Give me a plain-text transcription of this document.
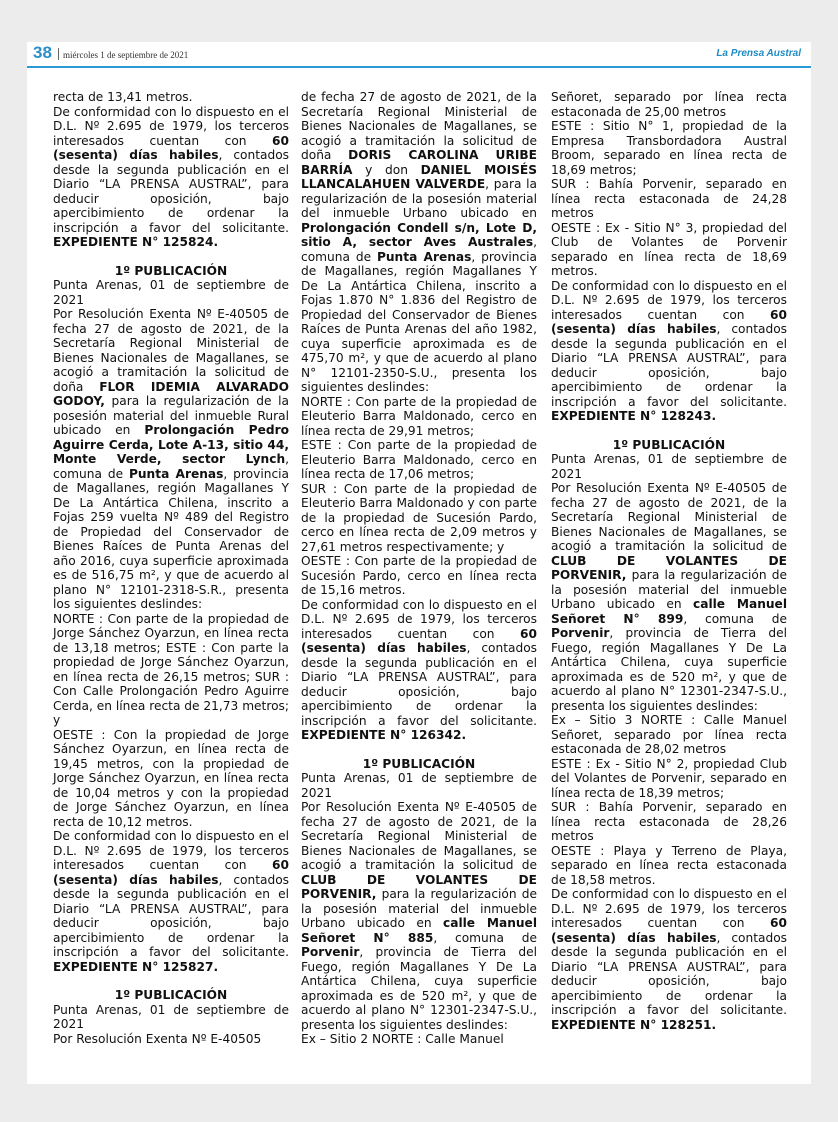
38 miércoles 1 de septiembre de 2021	La Prensa Austral

recta de 13,41 metros.

De conformidad con lo dispuesto en el D.L. Nº 2.695 de 1979, los terceros interesados cuentan con 60 (sesenta) días habiles, contados desde la segunda publicación en el Diario “LA PRENSA AUSTRAL”, para deducir oposición, bajo apercibimiento de ordenar la inscripción a favor del solicitante. EXPEDIENTE N° 125824.

1º PUBLICACIÓN

Punta Arenas, 01 de septiembre de 2021

Por Resolución Exenta Nº E-40505 de fecha 27 de agosto de 2021, de la Secretaría Regional Ministerial de Bienes Nacionales de Magallanes, se acogió a tramitación la solicitud de doña FLOR IDEMIA ALVARADO GODOY, para la regularización de la posesión material del inmueble Rural ubicado en Prolongación Pedro Aguirre Cerda, Lote A-13, sitio 44, Monte Verde, sector Lynch, comuna de Punta Arenas, provincia de Magallanes, región Magallanes Y De La Antártica Chilena, inscrito a Fojas 259 vuelta Nº 489 del Registro de Propiedad del Conservador de Bienes Raíces de Punta Arenas del año 2016, cuya superficie aproximada es de 516,75 m², y que de acuerdo al plano N° 12101-2318-S.R., presenta los siguientes deslindes:

NORTE : Con parte de la propiedad de Jorge Sánchez Oyarzun, en línea recta de 13,18 metros; ESTE : Con parte la propiedad de Jorge Sánchez Oyarzun, en línea recta de 26,15 metros; SUR : Con Calle Prolongación Pedro Aguirre Cerda, en línea recta de 21,73 metros; y

OESTE : Con la propiedad de Jorge Sánchez Oyarzun, en línea recta de 19,45 metros, con la propiedad de Jorge Sánchez Oyarzun, en línea recta de 10,04 metros y con la propiedad de Jorge Sánchez Oyarzun, en línea recta de 10,12 metros.

De conformidad con lo dispuesto en el D.L. Nº 2.695 de 1979, los terceros interesados cuentan con 60 (sesenta) días habiles, contados desde la segunda publicación en el Diario “LA PRENSA AUSTRAL”, para deducir oposición, bajo apercibimiento de ordenar la inscripción a favor del solicitante. EXPEDIENTE N° 125827.

1º PUBLICACIÓN

Punta Arenas, 01 de septiembre de 2021

Por Resolución Exenta Nº E-40505

de fecha 27 de agosto de 2021, de la Secretaría Regional Ministerial de Bienes Nacionales de Magallanes, se acogió a tramitación la solicitud de doña DORIS CAROLINA URIBE BARRÍA y don DANIEL MOISÉS LLANCALAHUEN VALVERDE, para la regularización de la posesión material del inmueble Urbano ubicado en Prolongación Condell s/n, Lote D, sitio A, sector Aves Australes, comuna de Punta Arenas, provincia de Magallanes, región Magallanes Y De La Antártica Chilena, inscrito a Fojas 1.870 N° 1.836 del Registro de Propiedad del Conservador de Bienes Raíces de Punta Arenas del año 1982, cuya superficie aproximada es de 475,70 m², y que de acuerdo al plano N° 12101-2350-S.U., presenta los siguientes deslindes:

NORTE : Con parte de la propiedad de Eleuterio Barra Maldonado, cerco en línea recta de 29,91 metros;

ESTE : Con parte de la propiedad de Eleuterio Barra Maldonado, cerco en línea recta de 17,06 metros;

SUR : Con parte de la propiedad de Eleuterio Barra Maldonado y con parte de la propiedad de Sucesión Pardo, cerco en línea recta de 2,09 metros y 27,61 metros respectivamente; y

OESTE : Con parte de la propiedad de Sucesión Pardo, cerco en línea recta de 15,16 metros.

De conformidad con lo dispuesto en el D.L. Nº 2.695 de 1979, los terceros interesados cuentan con 60 (sesenta) días habiles, contados desde la segunda publicación en el Diario “LA PRENSA AUSTRAL”, para deducir oposición, bajo apercibimiento de ordenar la inscripción a favor del solicitante. EXPEDIENTE N° 126342.

1º PUBLICACIÓN

Punta Arenas, 01 de septiembre de 2021

Por Resolución Exenta Nº E-40505 de fecha 27 de agosto de 2021, de la Secretaría Regional Ministerial de Bienes Nacionales de Magallanes, se acogió a tramitación la solicitud de CLUB DE VOLANTES DE PORVENIR, para la regularización de la posesión material del inmueble Urbano ubicado en calle Manuel Señoret N° 885, comuna de Porvenir, provincia de Tierra del Fuego, región Magallanes Y De La Antártica Chilena, cuya superficie aproximada es de 520 m², y que de acuerdo al plano N° 12301-2347-S.U., presenta los siguientes deslindes:

Ex – Sitio 2 NORTE : Calle Manuel

Señoret, separado por línea recta estaconada de 25,00 metros

ESTE : Sitio N° 1, propiedad de la Empresa Transbordadora Austral Broom, separado en línea recta de 18,69 metros;

SUR : Bahía Porvenir, separado en línea recta estaconada de 24,28 metros

OESTE : Ex - Sitio N° 3, propiedad del Club de Volantes de Porvenir separado en línea recta de 18,69 metros.

De conformidad con lo dispuesto en el D.L. Nº 2.695 de 1979, los terceros interesados cuentan con 60 (sesenta) días habiles, contados desde la segunda publicación en el Diario “LA PRENSA AUSTRAL”, para deducir oposición, bajo apercibimiento de ordenar la inscripción a favor del solicitante. EXPEDIENTE N° 128243.

1º PUBLICACIÓN

Punta Arenas, 01 de septiembre de 2021

Por Resolución Exenta Nº E-40505 de fecha 27 de agosto de 2021, de la Secretaría Regional Ministerial de Bienes Nacionales de Magallanes, se acogió a tramitación la solicitud de CLUB DE VOLANTES DE PORVENIR, para la regularización de la posesión material del inmueble Urbano ubicado en calle Manuel Señoret N° 899, comuna de Porvenir, provincia de Tierra del Fuego, región Magallanes Y De La Antártica Chilena, cuya superficie aproximada es de 520 m², y que de acuerdo al plano N° 12301-2347-S.U., presenta los siguientes deslindes:

Ex – Sitio 3 NORTE : Calle Manuel Señoret, separado por línea recta estaconada de 28,02 metros

ESTE : Ex - Sitio N° 2, propiedad Club del Volantes de Porvenir, separado en línea recta de 18,39 metros;

SUR : Bahía Porvenir, separado en línea recta estaconada de 28,26 metros

OESTE : Playa y Terreno de Playa, separado en línea recta estaconada de 18,58 metros.

De conformidad con lo dispuesto en el D.L. Nº 2.695 de 1979, los terceros interesados cuentan con 60 (sesenta) días habiles, contados desde la segunda publicación en el Diario “LA PRENSA AUSTRAL”, para deducir oposición, bajo apercibimiento de ordenar la inscripción a favor del solicitante. EXPEDIENTE N° 128251.
